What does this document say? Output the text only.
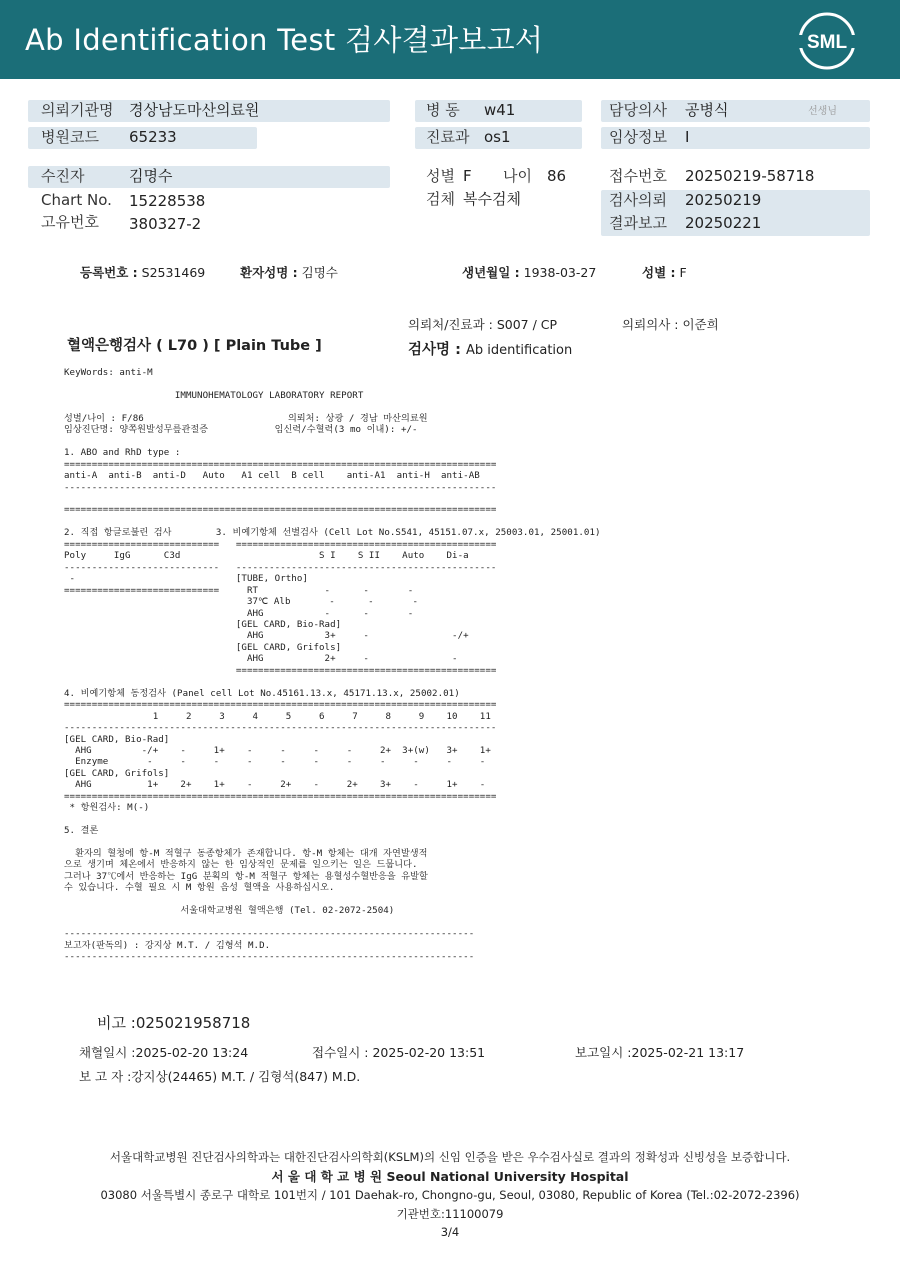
Ab Identification Test 검사결과보고서	SML
의뢰기관명 경상남도마산의료원
병원코드 65233
병 동 w41
진료과 os1
담당의사 공병식	선생님
임상정보 I
수진자	김명수
Chart No. 15228538
고유번호 380327-2
성별 F 나이 86
검체 복수검체
접수번호 20250219-58718
검사의뢰 20250219
결과보고 20250221
등록번호 : S2531469	환자성명 : 김명수	생년월일 : 1938-03-27	성별 : F
의뢰처/진료과 : S007 / CP	의뢰의사 : 이준희
혈액은행검사 ( L70 ) [ Plain Tube ]	검사명 : Ab identification
KeyWords: anti-M

IMMUNOHEMATOLOGY LABORATORY REPORT

성별/나이 : F/86                          의뢰처: 상광 / 경남 마산의료원
임상진단명: 양쪽원발성무릎관절증            임신력/수혈력(3 mo 이내): +/-

1. ABO and RhD type :
==============================================================================
anti-A  anti-B  anti-D   Auto   A1 cell  B cell    anti-A1  anti-H  anti-AB
------------------------------------------------------------------------------

==============================================================================

2. 직접 항글로불린 검사        3. 비예기항체 선별검사 (Cell Lot No.S541, 45151.07.x, 25003.01, 25001.01)
============================   ===============================================
Poly     IgG      C3d                         S I    S II    Auto    Di-a
----------------------------   -----------------------------------------------
-                             [TUBE, Ortho]
============================     RT            -      -       -
37℃ Alb       -      -       -
AHG           -      -       -
[GEL CARD, Bio-Rad]
AHG           3+     -               -/+
[GEL CARD, Grifols]
AHG           2+     -               -
===============================================

4. 비예기항체 동정검사 (Panel cell Lot No.45161.13.x, 45171.13.x, 25002.01)
==============================================================================
1     2     3     4     5     6     7     8     9    10    11
------------------------------------------------------------------------------
[GEL CARD, Bio-Rad]
AHG         -/+    -     1+    -     -     -     -     2+  3+(w)   3+    1+
Enzyme       -     -     -     -     -     -     -     -     -     -     -
[GEL CARD, Grifols]
AHG          1+    2+    1+    -     2+    -     2+    3+    -     1+    -
==============================================================================
* 항원검사: M(-)

5. 결론

환자의 혈청에 항-M 적혈구 동종항체가 존재합니다. 항-M 항체는 대개 자연발생적
으로 생기며 체온에서 반응하지 않는 한 임상적인 문제를 일으키는 일은 드뭅니다.
그러나 37℃에서 반응하는 IgG 분획의 항-M 적혈구 항체는 용혈성수혈반응을 유발할
수 있습니다. 수혈 필요 시 M 항원 음성 혈액을 사용하십시오.

서울대학교병원 혈액은행 (Tel. 02-2072-2504)

--------------------------------------------------------------------------
보고자(판독의) : 강지상 M.T. / 김형석 M.D.
--------------------------------------------------------------------------
비고 :025021958718
채혈일시 :2025-02-20 13:24	접수일시 : 2025-02-20 13:51	보고일시 :2025-02-21 13:17
보 고 자 :강지상(24465) M.T. / 김형석(847) M.D.
서울대학교병원 진단검사의학과는 대한진단검사의학회(KSLM)의 신임 인증을 받은 우수검사실로 결과의 정확성과 신빙성을 보증합니다.
서 울 대 학 교 병 원 Seoul National University Hospital
03080 서울특별시 종로구 대학로 101번지 / 101 Daehak-ro, Chongno-gu, Seoul, 03080, Republic of Korea (Tel.:02-2072-2396)
기관번호:11100079
3/4
